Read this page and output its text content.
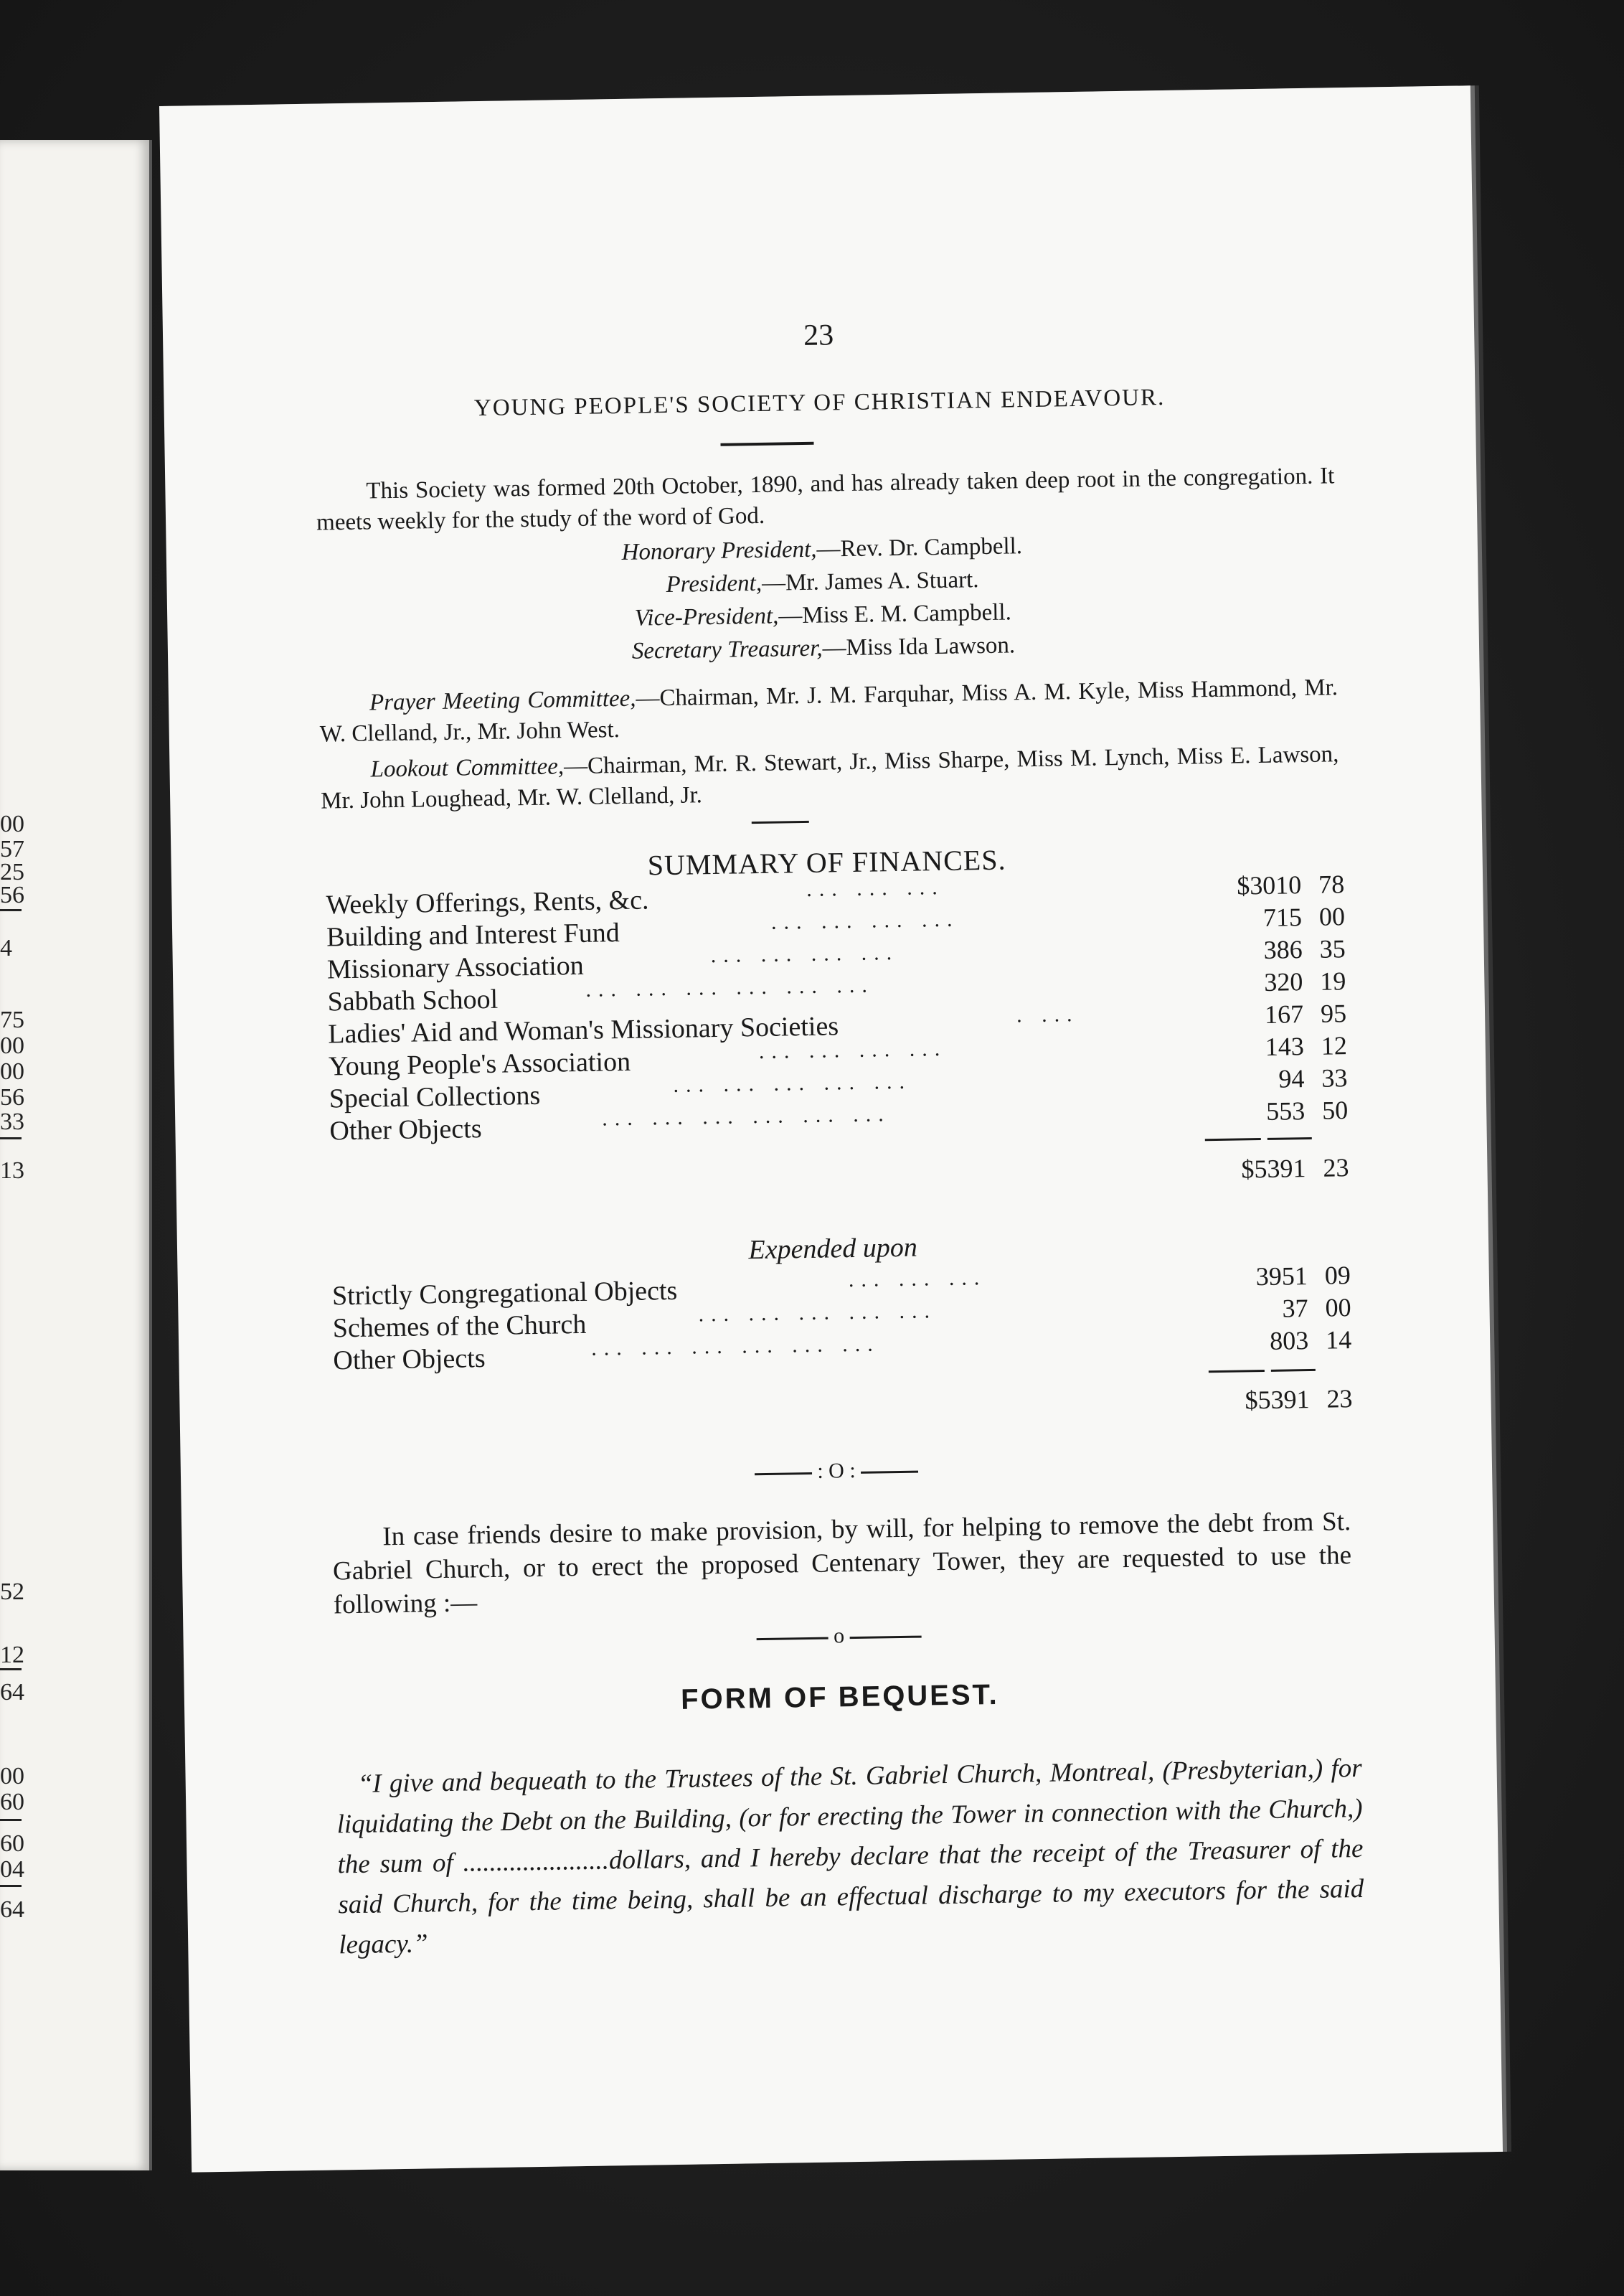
00
57
25
56
4
75
00
00
56
33
13
52
12
64
00
60
60
04
64
23
YOUNG PEOPLE'S SOCIETY OF CHRISTIAN ENDEAVOUR.
This Society was formed 20th October, 1890, and has already taken deep root in the congregation. It meets weekly for the study of the word of God.
Honorary President,—Rev. Dr. Campbell.
President,—Mr. James A. Stuart.
Vice-President,—Miss E. M. Campbell.
Secretary Treasurer,—Miss Ida Lawson.
Prayer Meeting Committee,—Chairman, Mr. J. M. Farquhar, Miss A. M. Kyle, Miss Hammond, Mr. W. Clelland, Jr., Mr. John West.
Lookout Committee,—Chairman, Mr. R. Stewart, Jr., Miss Sharpe, Miss M. Lynch, Miss E. Lawson, Mr. John Loughead, Mr. W. Clelland, Jr.
SUMMARY OF FINANCES.
Weekly Offerings, Rents, &c.	... ... ...	$3010 78
Building and Interest Fund	... ... ... ...	715 00
Missionary Association	... ... ... ...	386 35
Sabbath School	... ... ... ... ... ...	320 19
Ladies' Aid and Woman's Missionary Societies	. ...	167 95
Young People's Association	... ... ... ...	143 12
Special Collections	... ... ... ... ...	94 33
Other Objects	... ... ... ... ... ...	553 50
$5391 23
Expended upon
Strictly Congregational Objects	... ... ...	3951 09
Schemes of the Church	... ... ... ... ...	37 00
Other Objects	... ... ... ... ... ...	803 14
$5391 23
: O :
In case friends desire to make provision, by will, for helping to remove the debt from St. Gabriel Church, or to erect the proposed Centenary Tower, they are requested to use the following :—
o
FORM OF BEQUEST.
“I give and bequeath to the Trustees of the St. Gabriel Church, Montreal, (Presbyterian,) for liquidating the Debt on the Building, (or for erecting the Tower in connection with the Church,) the sum of ......................dollars, and I hereby declare that the receipt of the Treasurer of the said Church, for the time being, shall be an effectual discharge to my executors for the said legacy.”
